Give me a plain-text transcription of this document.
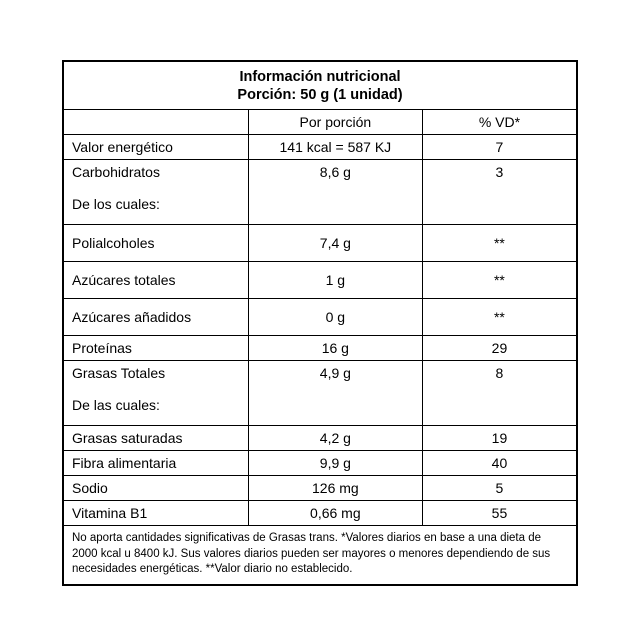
Información nutricional
Porción: 50 g (1 unidad)
	Por porción	% VD*
Valor energético	141 kcal = 587 KJ	7
Carbohidratos	8,6 g	3
De los cuales:		
Polialcoholes	7,4 g	**
Azúcares totales	1 g	**
Azúcares añadidos	0 g	**
Proteínas	16 g	29
Grasas Totales	4,9 g	8
De las cuales:		
Grasas saturadas	4,2 g	19
Fibra alimentaria	9,9 g	40
Sodio	126 mg	5
Vitamina B1	0,66 mg	55
No aporta cantidades significativas de Grasas trans. *Valores diarios en base a una dieta de 2000 kcal u 8400 kJ. Sus valores diarios pueden ser mayores o menores dependiendo de sus necesidades energéticas. **Valor diario no establecido.
